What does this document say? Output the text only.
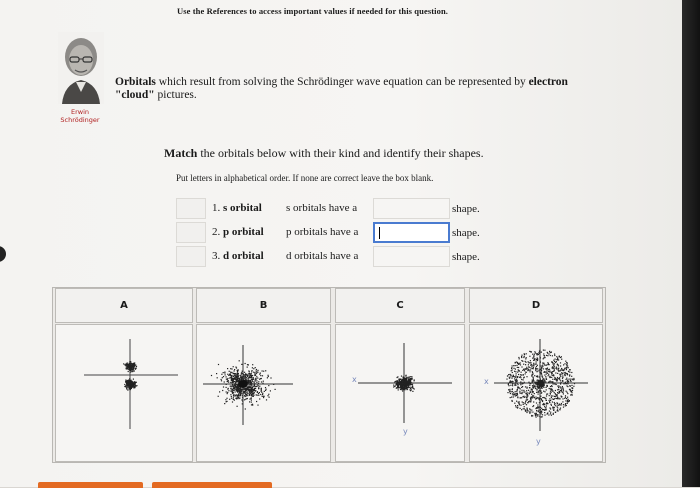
Use the References to access important values if needed for this question.
Erwin
Schrödinger
Orbitals which result from solving the Schrödinger wave equation can be represented by electron
"cloud" pictures.
Match the orbitals below with their kind and identify their shapes.
Put letters in alphabetical order. If none are correct leave the box blank.
1. s orbital s orbitals have a	shape.
2. p orbital p orbitals have a	shape.
3. d orbital d orbitals have a	shape.
A	B	C	D
x
y
x
y
